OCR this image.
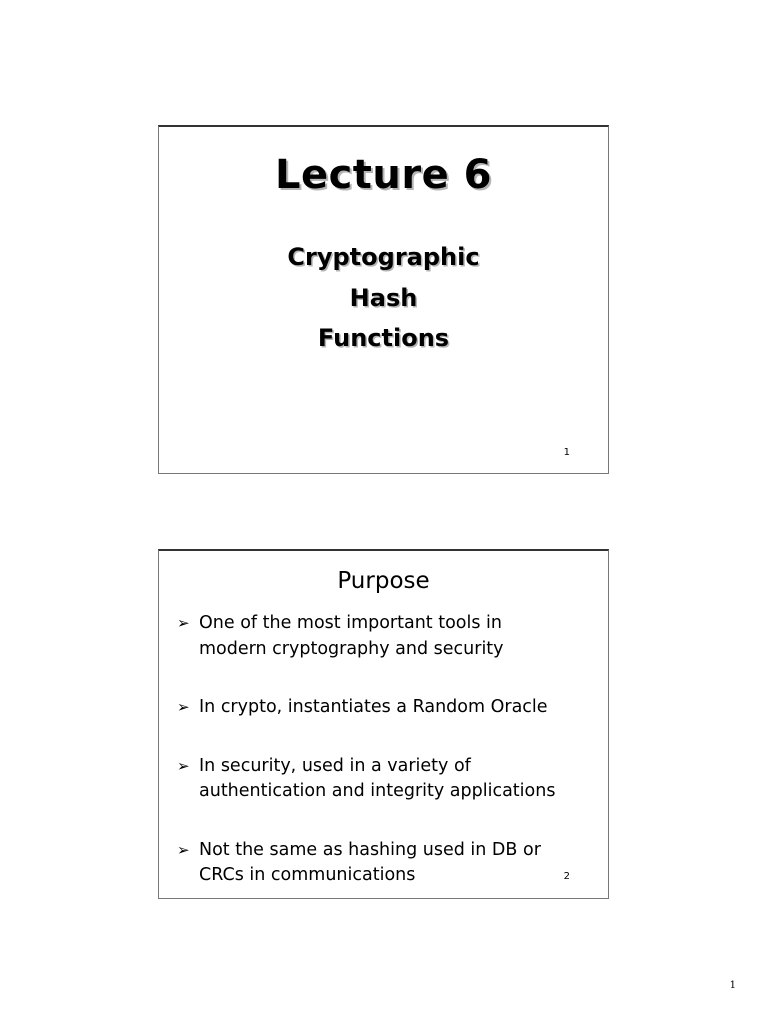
Lecture 6
Cryptographic
Hash
Functions
1
Purpose
➢ One of the most important tools in
modern cryptography and security
➢ In crypto, instantiates a Random Oracle
➢ In security, used in a variety of
authentication and integrity applications
➢ Not the same as hashing used in DB or
CRCs in communications	2
1
